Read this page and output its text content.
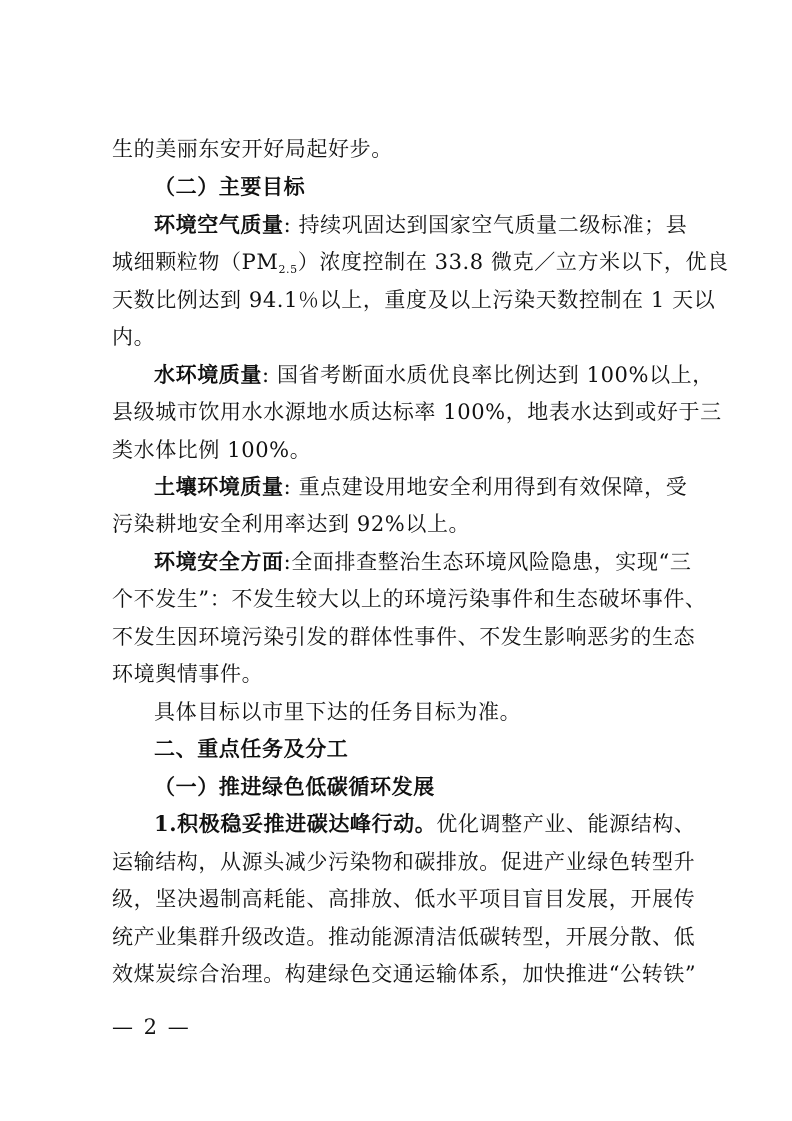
生的美丽东安开好局起好步。
（二）主要目标
环境空气质量: 持续巩固达到国家空气质量二级标准；县
城细颗粒物$(PM_{2.5})$浓度控制在 33.8 微克／立方米以下，优良
天数比例达到 94.1％以上，重度及以上污染天数控制在 1 天以
内。
水环境质量: 国省考断面水质优良率比例达到 100%以上，
县级城市饮用水水源地水质达标率 100%，地表水达到或好于三
类水体比例 100%。
土壤环境质量: 重点建设用地安全利用得到有效保障，受
污染耕地安全利用率达到 92%以上。
环境安全方面:全面排查整治生态环境风险隐患，实现“三
个不发生”：不发生较大以上的环境污染事件和生态破坏事件、
不发生因环境污染引发的群体性事件、不发生影响恶劣的生态
环境舆情事件。
具体目标以市里下达的任务目标为准。
二、重点任务及分工
（一）推进绿色低碳循环发展
1.积极稳妥推进碳达峰行动。优化调整产业、能源结构、
运输结构，从源头减少污染物和碳排放。促进产业绿色转型升
级，坚决遏制高耗能、高排放、低水平项目盲目发展，开展传
统产业集群升级改造。推动能源清洁低碳转型，开展分散、低
效煤炭综合治理。构建绿色交通运输体系，加快推进“公转铁”
— 2 —
